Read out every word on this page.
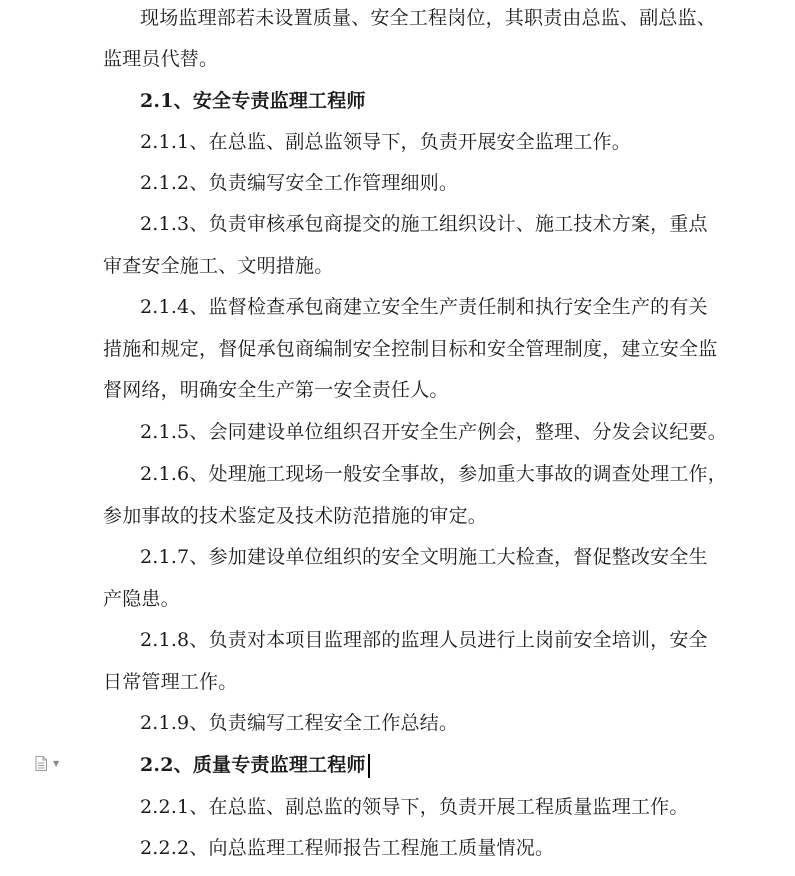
现场监理部若未设置质量、安全工程岗位，其职责由总监、副总监、
监理员代替。
2.1、安全专责监理工程师
2.1.1、在总监、副总监领导下，负责开展安全监理工作。
2.1.2、负责编写安全工作管理细则。
2.1.3、负责审核承包商提交的施工组织设计、施工技术方案，重点
审查安全施工、文明措施。
2.1.4、监督检查承包商建立安全生产责任制和执行安全生产的有关
措施和规定，督促承包商编制安全控制目标和安全管理制度，建立安全监
督网络，明确安全生产第一安全责任人。
2.1.5、会同建设单位组织召开安全生产例会，整理、分发会议纪要。
2.1.6、处理施工现场一般安全事故，参加重大事故的调查处理工作，
参加事故的技术鉴定及技术防范措施的审定。
2.1.7、参加建设单位组织的安全文明施工大检查，督促整改安全生
产隐患。
2.1.8、负责对本项目监理部的监理人员进行上岗前安全培训，安全
日常管理工作。
2.1.9、负责编写工程安全工作总结。
2.2、质量专责监理工程师
2.2.1、在总监、副总监的领导下，负责开展工程质量监理工作。
2.2.2、向总监理工程师报告工程施工质量情况。
▼
